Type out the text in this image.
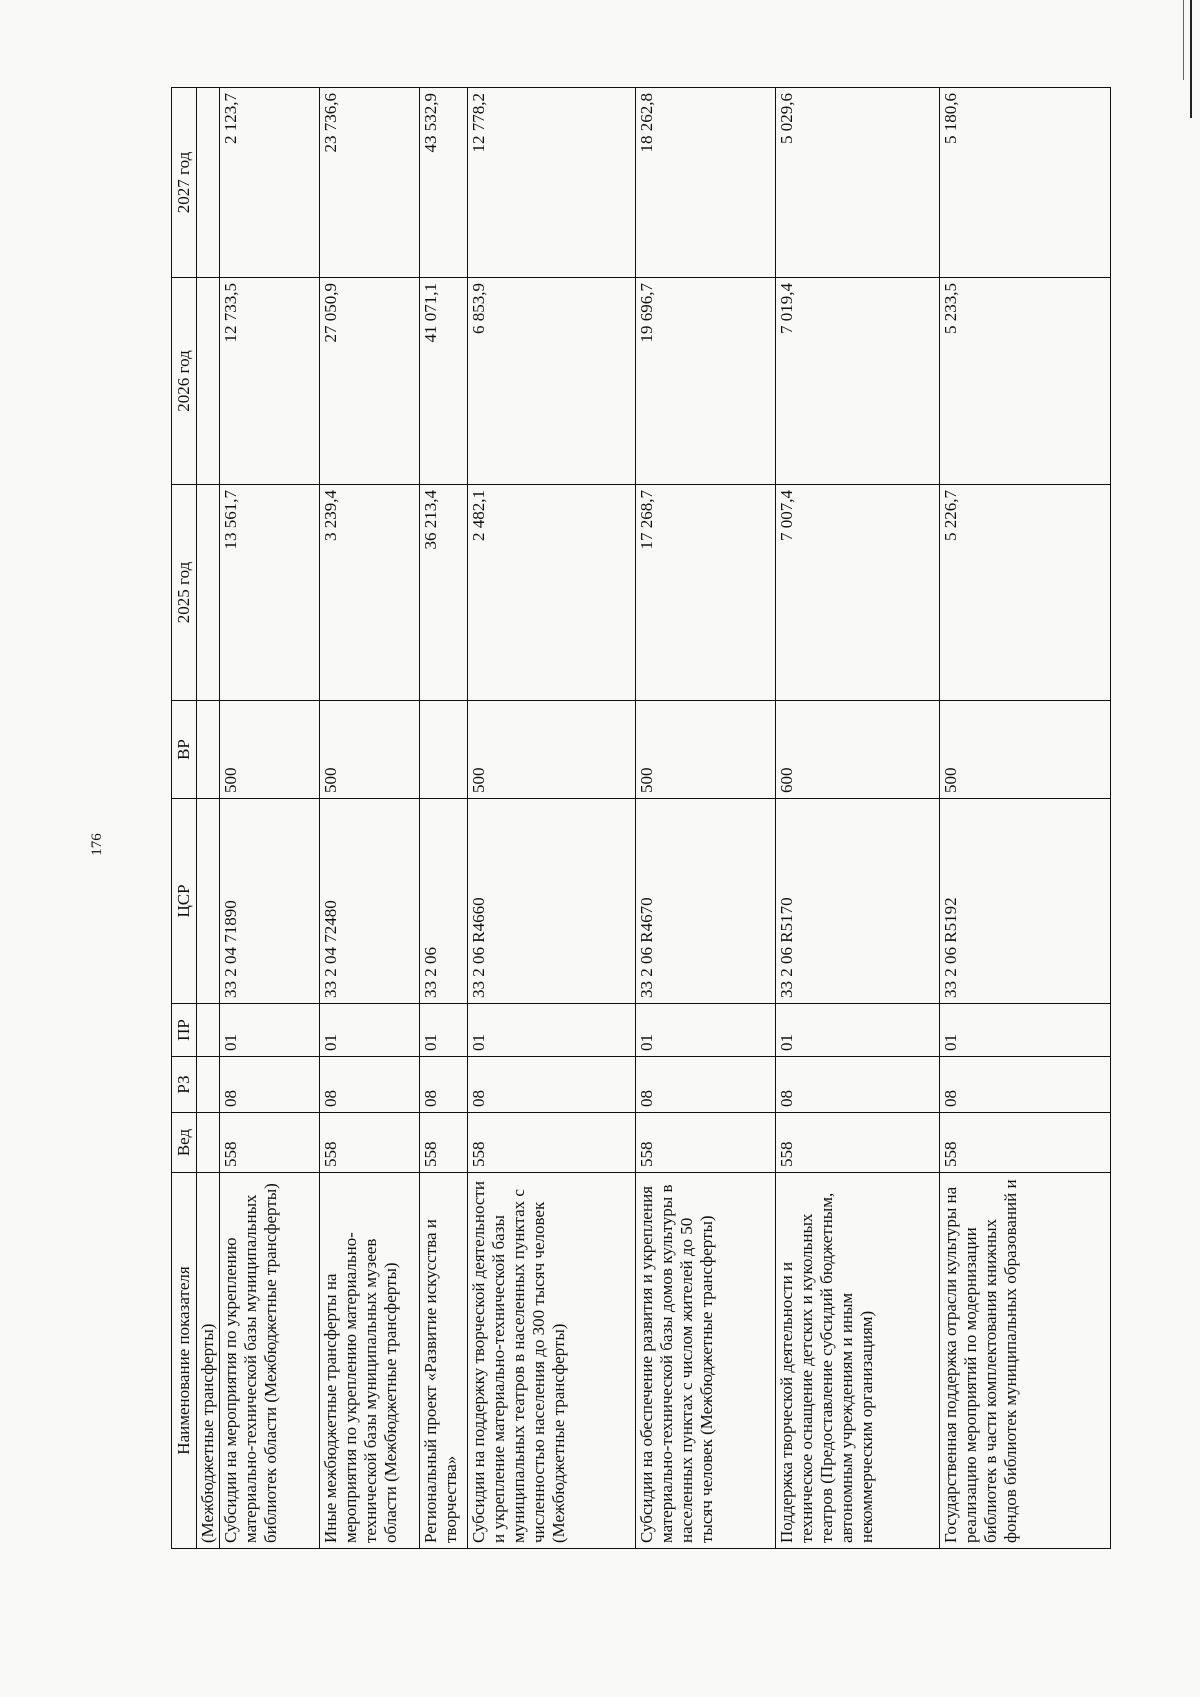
176
Наименование показателя	Вед	РЗ	ПР	ЦСР	ВР	2025 год	2026 год	2027 год
(Межбюджетные трансферты)								
Субсидии на мероприятия по укреплению материально-технической базы муниципальных библиотек области (Межбюджетные трансферты)	558	08	01	33 2 04 71890	500	13 561,7	12 733,5	2 123,7
Иные межбюджетные трансферты на мероприятия по укреплению материально-технической базы муниципальных музеев области (Межбюджетные трансферты)	558	08	01	33 2 04 72480	500	3 239,4	27 050,9	23 736,6
Региональный проект «Развитие искусства и творчества»	558	08	01	33 2 06		36 213,4	41 071,1	43 532,9
Субсидии на поддержку творческой деятельности и укрепление материально-технической базы муниципальных театров в населенных пунктах с численностью населения до 300 тысяч человек (Межбюджетные трансферты)	558	08	01	33 2 06 R4660	500	2 482,1	6 853,9	12 778,2
Субсидии на обеспечение развития и укрепления материально-технической базы домов культуры в населенных пунктах с числом жителей до 50 тысяч человек (Межбюджетные трансферты)	558	08	01	33 2 06 R4670	500	17 268,7	19 696,7	18 262,8
Поддержка творческой деятельности и техническое оснащение детских и кукольных театров (Предоставление субсидий бюджетным, автономным учреждениям и иным некоммерческим организациям)	558	08	01	33 2 06 R5170	600	7 007,4	7 019,4	5 029,6
Государственная поддержка отрасли культуры на реализацию мероприятий по модернизации библиотек в части комплектования книжных фондов библиотек муниципальных образований и	558	08	01	33 2 06 R5192	500	5 226,7	5 233,5	5 180,6
